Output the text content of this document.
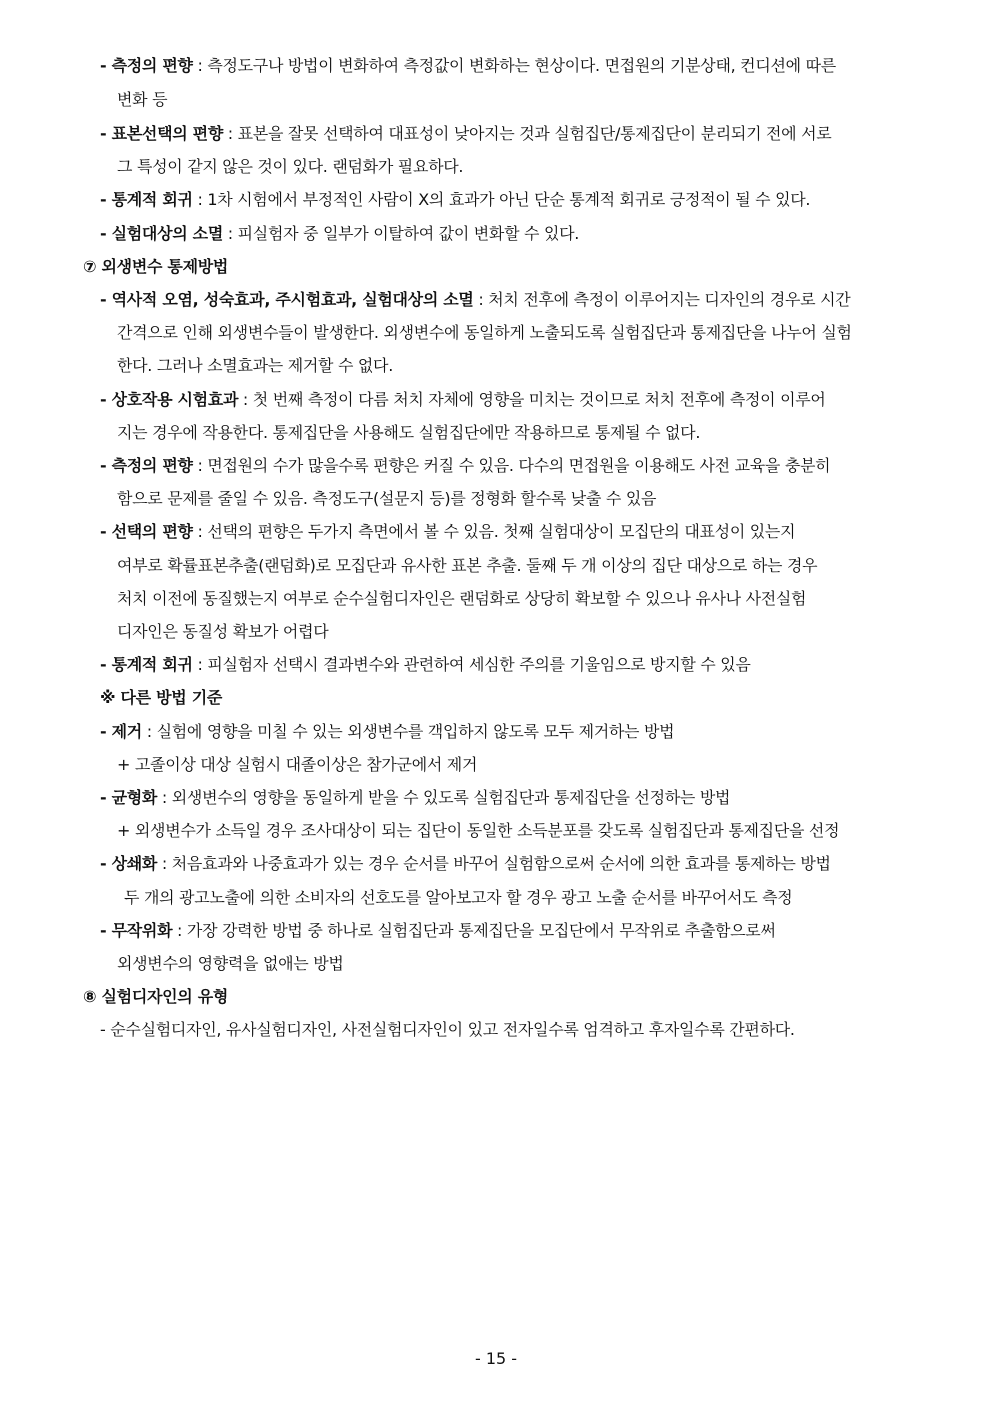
- 측정의 편향 : 측정도구나 방법이 변화하여 측정값이 변화하는 현상이다. 면접원의 기분상태, 컨디션에 따른
변화 등
- 표본선택의 편향 : 표본을 잘못 선택하여 대표성이 낮아지는 것과 실험집단/통제집단이 분리되기 전에 서로
그 특성이 같지 않은 것이 있다. 랜덤화가 필요하다.
- 통계적 회귀 : 1차 시험에서 부정적인 사람이 X의 효과가 아닌 단순 통계적 회귀로 긍정적이 될 수 있다.
- 실험대상의 소멸 : 피실험자 중 일부가 이탈하여 값이 변화할 수 있다.
⑦ 외생변수 통제방법
- 역사적 오염, 성숙효과, 주시험효과, 실험대상의 소멸 : 처치 전후에 측정이 이루어지는 디자인의 경우로 시간
간격으로 인해 외생변수들이 발생한다. 외생변수에 동일하게 노출되도록 실험집단과 통제집단을 나누어 실험
한다. 그러나 소멸효과는 제거할 수 없다.
- 상호작용 시험효과 : 첫 번째 측정이 다름 처치 자체에 영향을 미치는 것이므로 처치 전후에 측정이 이루어
지는 경우에 작용한다. 통제집단을 사용해도 실험집단에만 작용하므로 통제될 수 없다.
- 측정의 편향 : 면접원의 수가 많을수록 편향은 커질 수 있음. 다수의 면접원을 이용해도 사전 교육을 충분히
함으로 문제를 줄일 수 있음. 측정도구(설문지 등)를 정형화 할수록 낮출 수 있음
- 선택의 편향 : 선택의 편향은 두가지 측면에서 볼 수 있음. 첫째 실험대상이 모집단의 대표성이 있는지
여부로 확률표본추출(랜덤화)로 모집단과 유사한 표본 추출. 둘째 두 개 이상의 집단 대상으로 하는 경우
처치 이전에 동질했는지 여부로 순수실험디자인은 랜덤화로 상당히 확보할 수 있으나 유사나 사전실험
디자인은 동질성 확보가 어렵다
- 통계적 회귀 : 피실험자 선택시 결과변수와 관련하여 세심한 주의를 기울임으로 방지할 수 있음
※ 다른 방법 기준
- 제거 : 실험에 영향을 미칠 수 있는 외생변수를 객입하지 않도록 모두 제거하는 방법
+ 고졸이상 대상 실험시 대졸이상은 참가군에서 제거
- 균형화 : 외생변수의 영향을 동일하게 받을 수 있도록 실험집단과 통제집단을 선정하는 방법
+ 외생변수가 소득일 경우 조사대상이 되는 집단이 동일한 소득분포를 갖도록 실험집단과 통제집단을 선정
- 상쇄화 : 처음효과와 나중효과가 있는 경우 순서를 바꾸어 실험함으로써 순서에 의한 효과를 통제하는 방법
두 개의 광고노출에 의한 소비자의 선호도를 알아보고자 할 경우 광고 노출 순서를 바꾸어서도 측정
- 무작위화 : 가장 강력한 방법 중 하나로 실험집단과 통제집단을 모집단에서 무작위로 추출함으로써
외생변수의 영향력을 없애는 방법
⑧ 실험디자인의 유형
- 순수실험디자인, 유사실험디자인, 사전실험디자인이 있고 전자일수록 엄격하고 후자일수록 간편하다.
- 15 -
